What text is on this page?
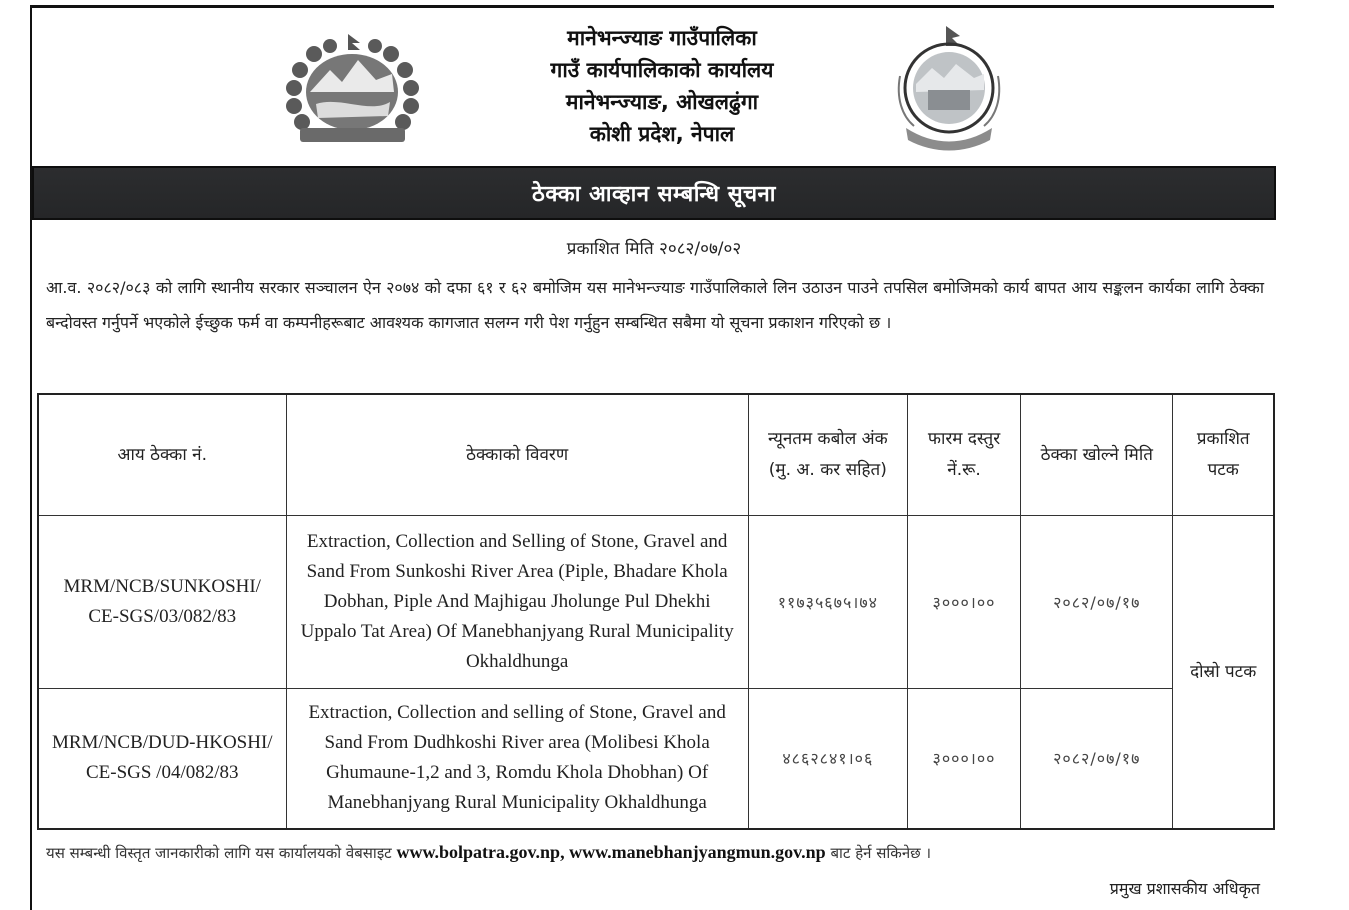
मानेभन्ज्याङ गाउँपालिका
गाउँ कार्यपालिकाको कार्यालय
मानेभन्ज्याङ, ओखलढुंगा
कोशी प्रदेश, नेपाल
ठेक्का आव्हान सम्बन्धि सूचना
प्रकाशित मिति २०८२/०७/०२
आ.व. २०८२/०८३ को लागि स्थानीय सरकार सञ्चालन ऐन २०७४ को दफा ६१ र ६२ बमोजिम यस मानेभन्ज्याङ गाउँपालिकाले लिन उठाउन पाउने तपसिल बमोजिमको कार्य बापत आय सङ्कलन कार्यका लागि ठेक्का बन्दोवस्त गर्नुपर्ने भएकोले ईच्छुक फर्म वा कम्पनीहरूबाट आवश्यक कागजात सलग्न गरी पेश गर्नुहुन सम्बन्धित सबैमा यो सूचना प्रकाशन गरिएको छ ।
आय ठेक्का नं.	ठेक्काको विवरण	न्यूनतम कबोल अंक (मु. अ. कर सहित)	फारम दस्तुर नें.रू.	ठेक्का खोल्ने मिति	प्रकाशित पटक
MRM/NCB/SUNKOSHI/ CE-SGS/03/082/83	Extraction, Collection and Selling of Stone, Gravel and Sand From Sunkoshi River Area (Piple, Bhadare Khola Dobhan, Piple And Majhigau Jholunge Pul Dhekhi Uppalo Tat Area) Of Manebhanjyang Rural Municipality Okhaldhunga	११७३५६७५।७४	३०००।००	२०८२/०७/१७	दोस्रो पटक
MRM/NCB/DUD-HKOSHI/ CE-SGS /04/082/83	Extraction, Collection and selling of Stone, Gravel and Sand From Dudhkoshi River area (Molibesi Khola Ghumaune-1,2 and 3, Romdu Khola Dhobhan) Of Manebhanjyang Rural Municipality Okhaldhunga	४८६२८४१।०६	३०००।००	२०८२/०७/१७	
यस सम्बन्धी विस्तृत जानकारीको लागि यस कार्यालयको वेबसाइट www.bolpatra.gov.np, www.manebhanjyangmun.gov.np बाट हेर्न सकिनेछ ।
प्रमुख प्रशासकीय अधिकृत
